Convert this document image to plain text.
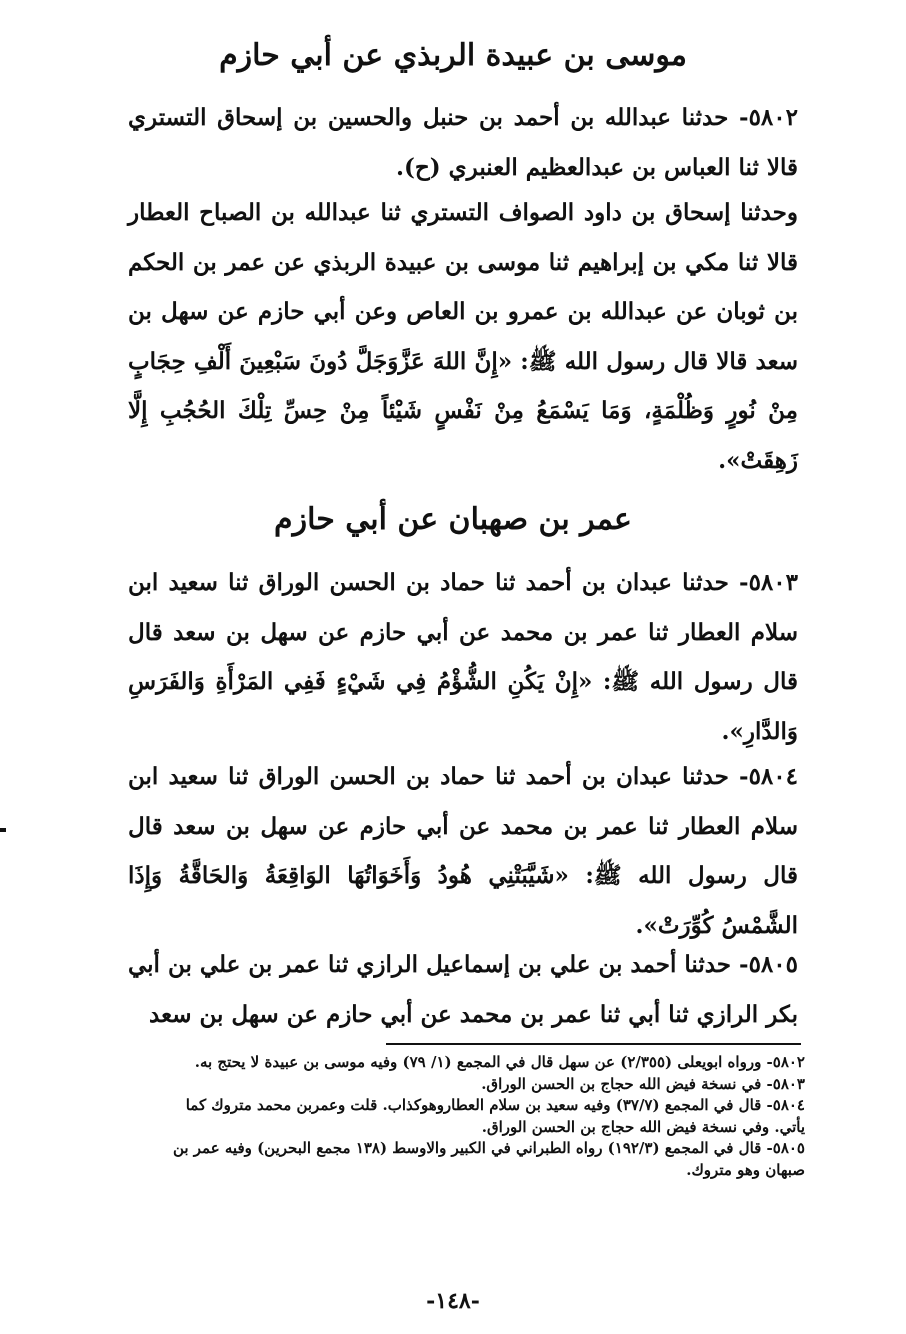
موسى بن عبيدة الربذي عن أبي حازم

٥٨٠٢- حدثنا عبدالله بن أحمد بن حنبل والحسين بن إسحاق التستري قالا ثنا العباس بن عبدالعظيم العنبري (ح).

وحدثنا إسحاق بن داود الصواف التستري ثنا عبدالله بن الصباح العطار قالا ثنا مكي بن إبراهيم ثنا موسى بن عبيدة الربذي عن عمر بن الحكم بن ثوبان عن عبدالله بن عمرو بن العاص وعن أبي حازم عن سهل بن سعد قالا قال رسول الله ﷺ: «إِنَّ اللهَ عَزَّوَجَلَّ دُونَ سَبْعِينَ أَلْفِ حِجَابٍ مِنْ نُورٍ وَظُلْمَةٍ، وَمَا يَسْمَعُ مِنْ نَفْسٍ شَيْئاً مِنْ حِسِّ تِلْكَ الحُجُبِ إِلَّا زَهِقَتْ».

عمر بن صهبان عن أبي حازم

٥٨٠٣- حدثنا عبدان بن أحمد ثنا حماد بن الحسن الوراق ثنا سعيد ابن سلام العطار ثنا عمر بن محمد عن أبي حازم عن سهل بن سعد قال قال رسول الله ﷺ: «إِنْ يَكُنِ الشُّؤْمُ فِي شَيْءٍ فَفِي المَرْأَةِ وَالفَرَسِ وَالدَّارِ».

٥٨٠٤- حدثنا عبدان بن أحمد ثنا حماد بن الحسن الوراق ثنا سعيد ابن سلام العطار ثنا عمر بن محمد عن أبي حازم عن سهل بن سعد قال قال رسول الله ﷺ: «شَيَّبَتْنِي هُودُ وَأَخَوَاتُهَا الوَاقِعَةُ وَالحَاقَّةُ وَإِذَا الشَّمْسُ كُوِّرَتْ».

٥٨٠٥- حدثنا أحمد بن علي بن إسماعيل الرازي ثنا عمر بن علي بن أبي بكر الرازي ثنا أبي ثنا عمر بن محمد عن أبي حازم عن سهل بن سعد

٥٨٠٢- ورواه ابويعلى (٢/٣٥٥) عن سهل قال في المجمع (١/ ٧٩) وفيه موسى بن عبيدة لا يحتج به.

٥٨٠٣- في نسخة فيض الله حجاج بن الحسن الوراق.

٥٨٠٤- قال في المجمع (٣٧/٧) وفيه سعيد بن سلام العطاروهوكذاب. قلت وعمربن محمد متروك كما يأتي. وفي نسخة فيض الله حجاج بن الحسن الوراق.

٥٨٠٥- قال في المجمع (١٩٢/٣) رواه الطبراني في الكبير والاوسط (١٣٨ مجمع البحرين) وفيه عمر بن صبهان وهو متروك.

-١٤٨-
